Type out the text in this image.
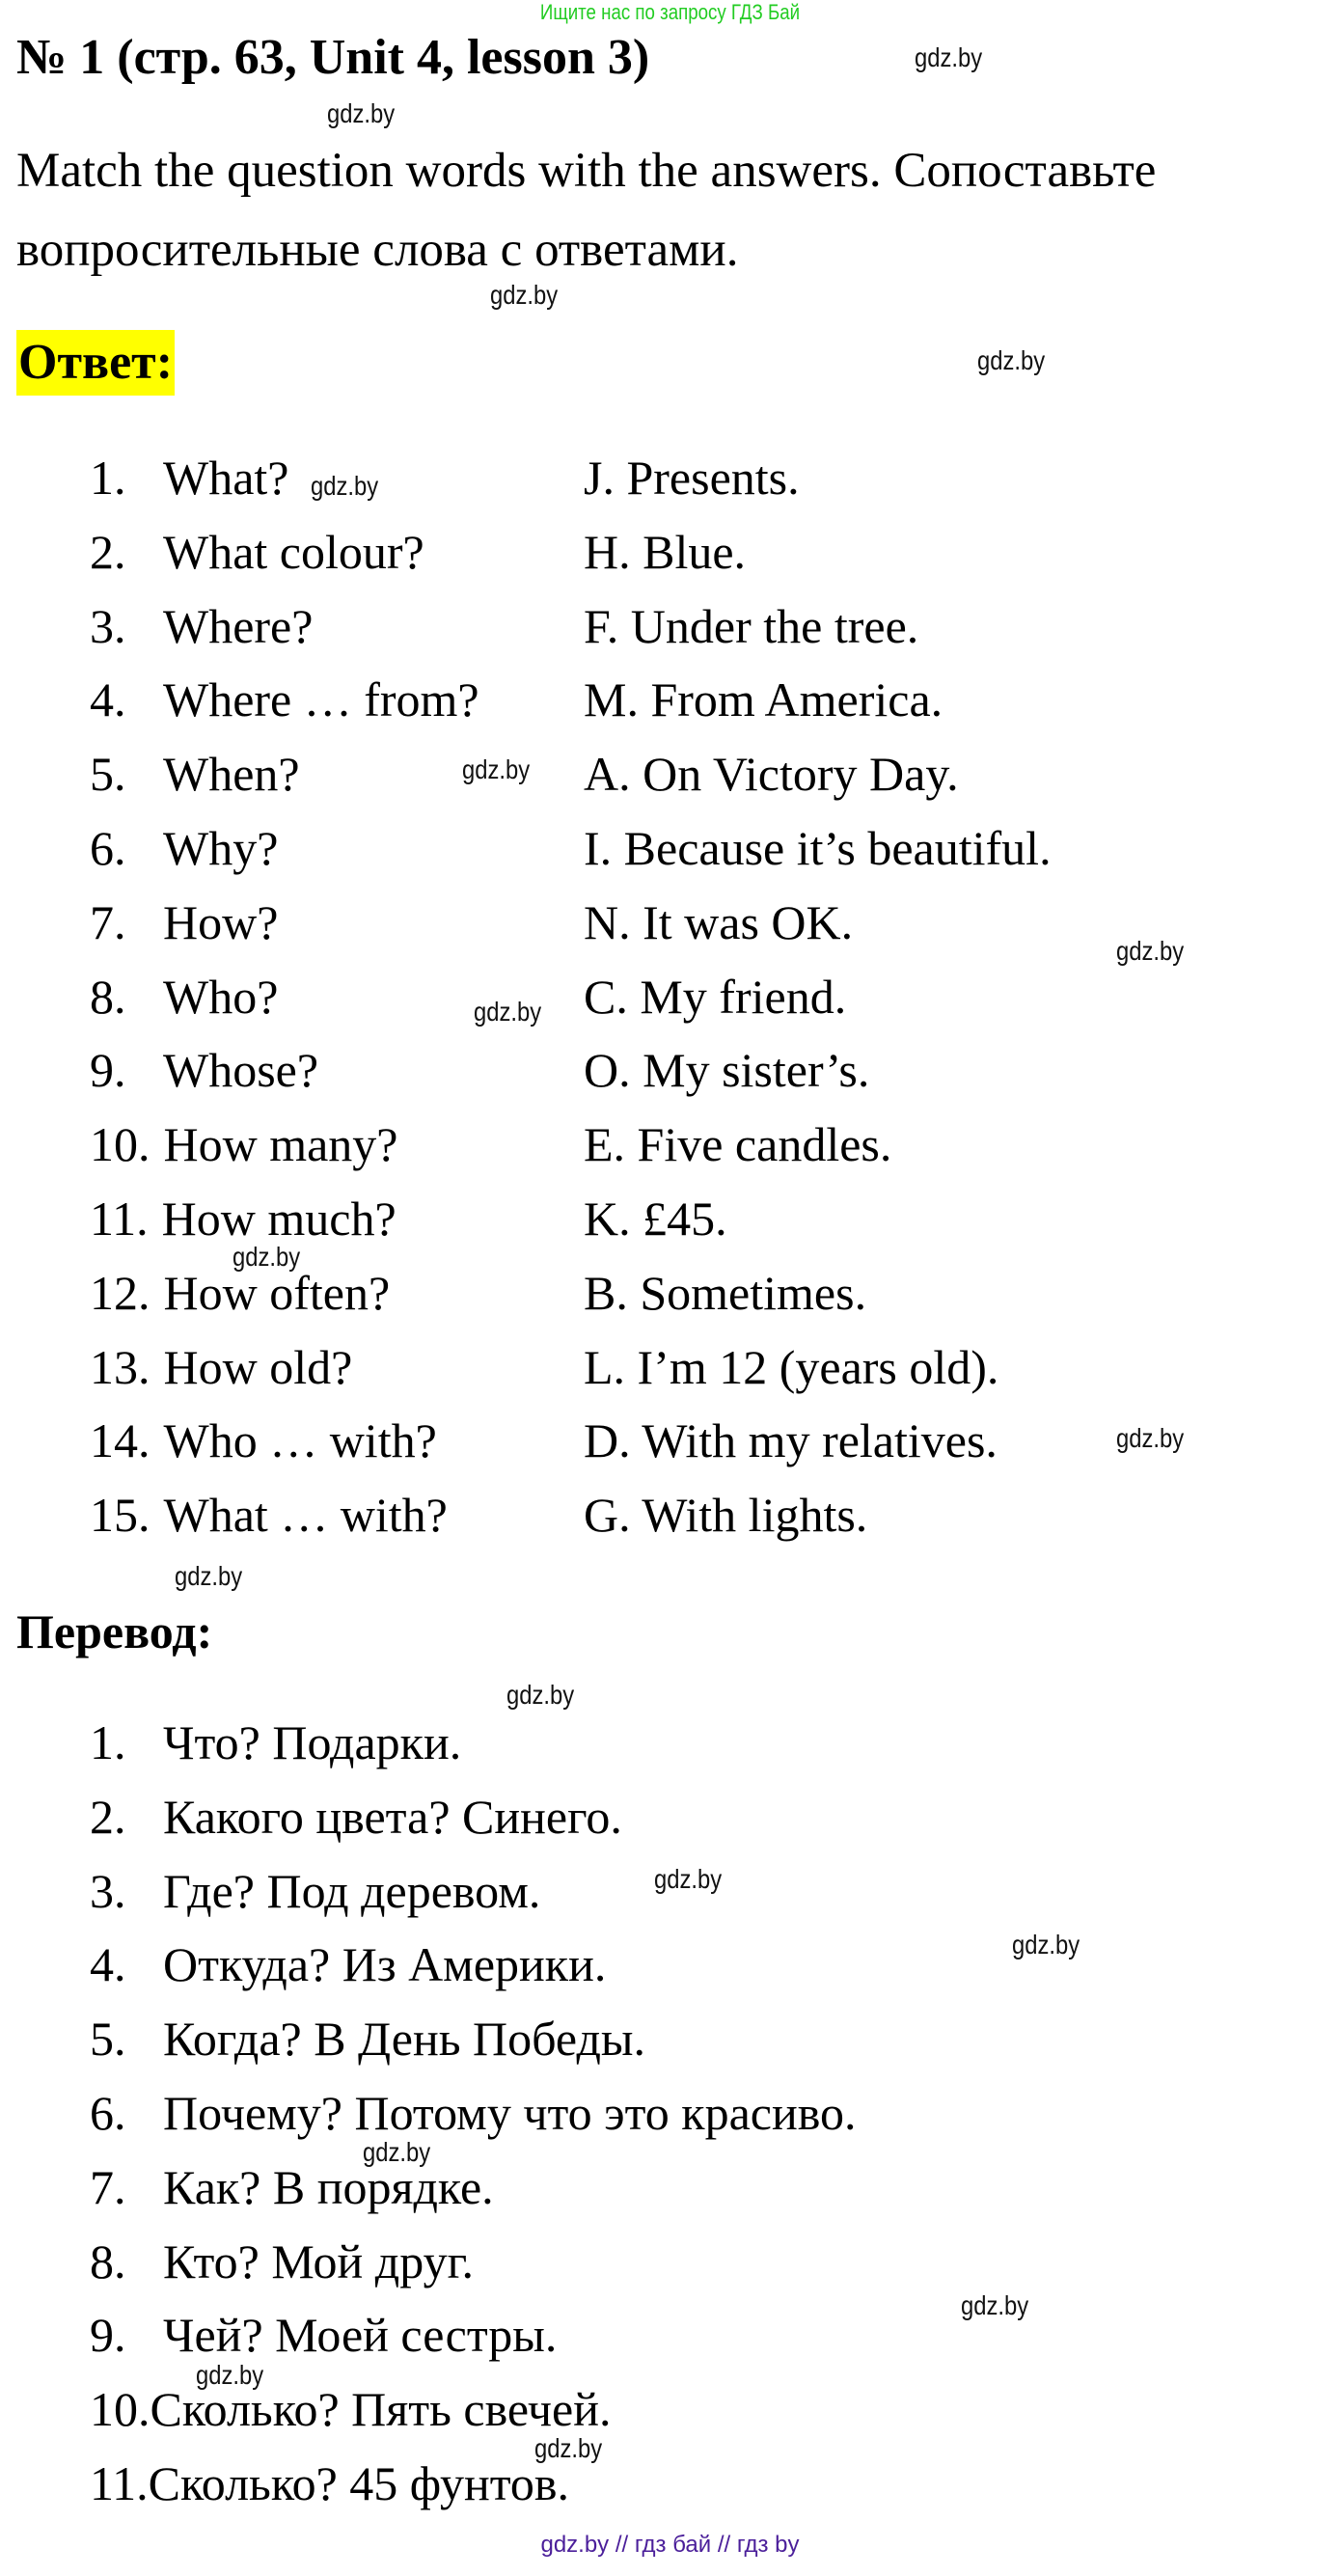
Ищите нас по запросу ГДЗ Бай
№ 1 (стр. 63, Unit 4, lesson 3)
Match the question words with the answers. Сопоставьте
вопросительные слова с ответами.
Ответ:
1. What?	J. Presents.
2. What colour?	H. Blue.
3. Where?	F. Under the tree.
4. Where … from? M. From America.
5. When?	A. On Victory Day.
6. Why?	I. Because it’s beautiful.
7. How?	N. It was OK.
8. Who?	C. My friend.
9. Whose?	O. My sister’s.
10. How many?	E. Five candles.
11. How much?	K. £45.
12. How often?	B. Sometimes.
13. How old?	L. I’m 12 (years old).
14. Who … with?	D. With my relatives.
15. What … with?	G. With lights.
Перевод:
1. Что? Подарки.
2. Какого цвета? Синего.
3. Где? Под деревом.
4. Откуда? Из Америки.
5. Когда? В День Победы.
6. Почему? Потому что это красиво.
7. Как? В порядке.
8. Кто? Мой друг.
9. Чей? Моей сестры.
10.Сколько? Пять свечей.
11.Сколько? 45 фунтов.
gdz.by
gdz.by
gdz.by
gdz.by
gdz.by
gdz.by
gdz.by
gdz.by
gdz.by
gdz.by
gdz.by
gdz.by
gdz.by
gdz.by
gdz.by
gdz.by
gdz.by
gdz.by
gdz.by // гдз бай // гдз by
